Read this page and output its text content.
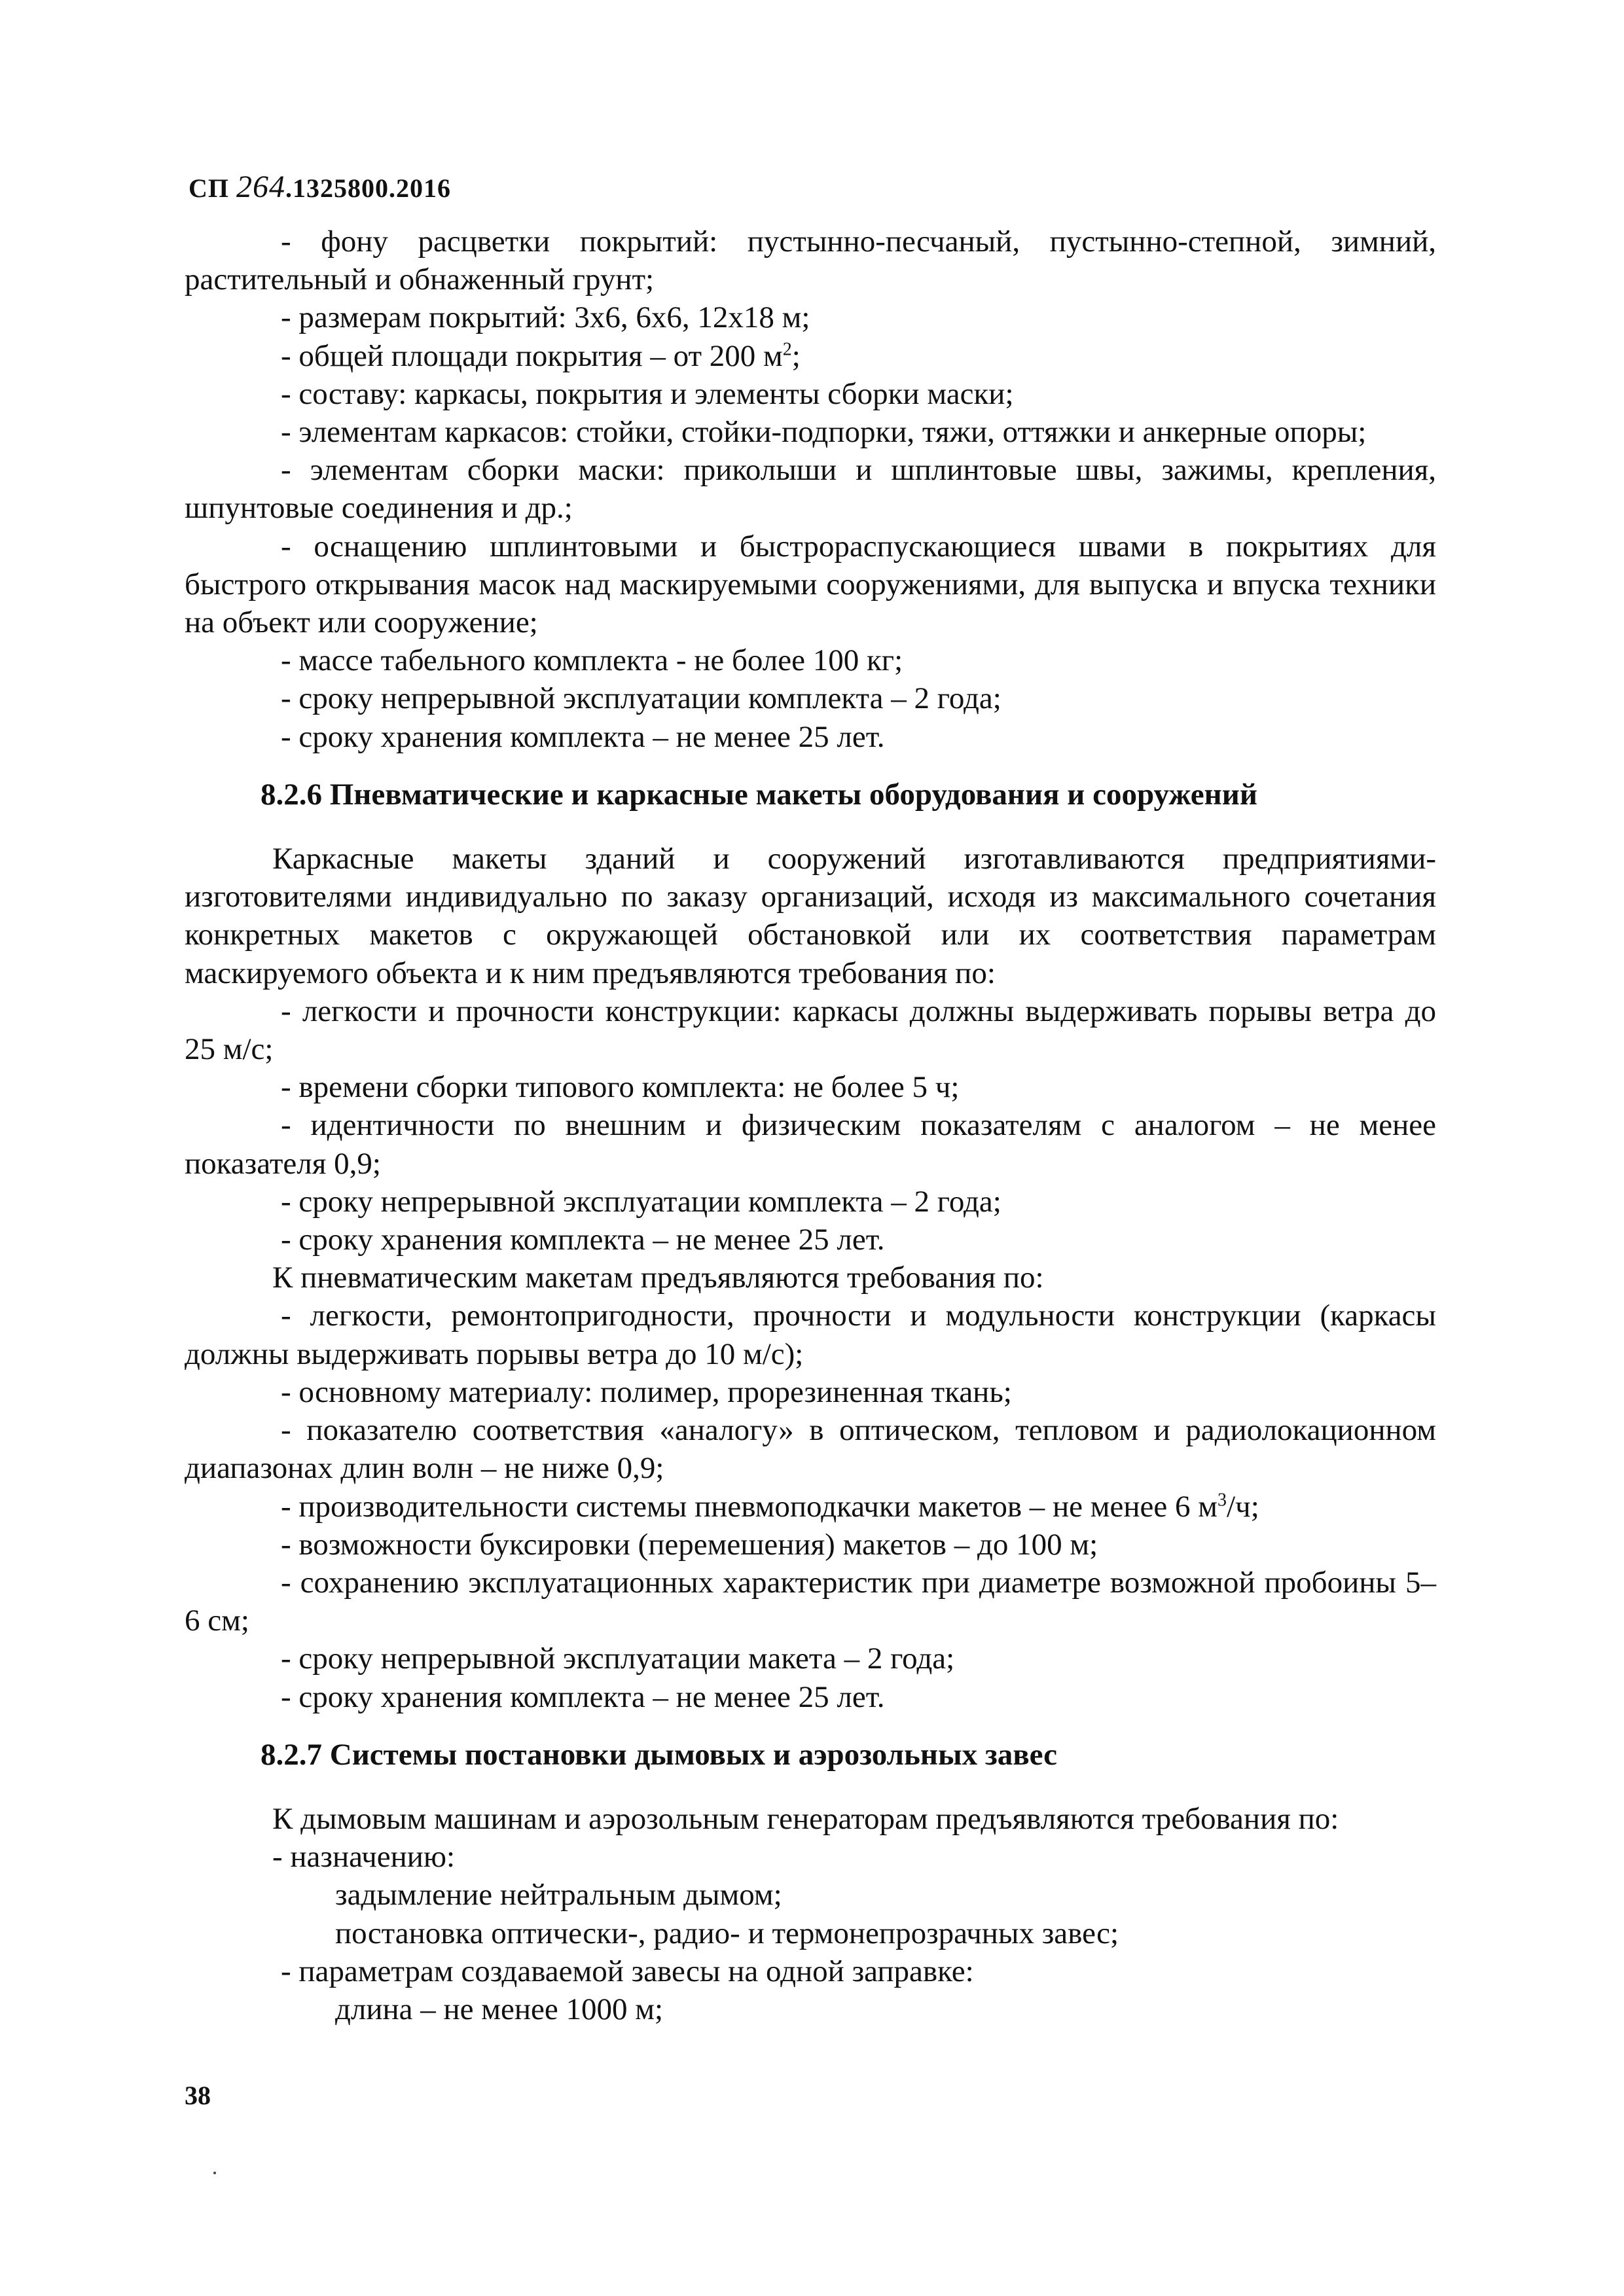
СП 264.1325800.2016

- фону расцветки покрытий: пустынно-песчаный, пустынно-степной, зимний, растительный и обнаженный грунт;

- размерам покрытий: 3х6, 6х6, 12х18 м;

- общей площади покрытия – от 200 $м^2$;

- составу: каркасы, покрытия и элементы сборки маски;

- элементам каркасов: стойки, стойки-подпорки, тяжи, оттяжки и анкерные опоры;

- элементам сборки маски: приколыши и шплинтовые швы, зажимы, крепления, шпунтовые соединения и др.;

- оснащению шплинтовыми и быстрораспускающиеся швами в покрытиях для быстрого открывания масок над маскируемыми сооружениями, для выпуска и впуска техники на объект или сооружение;

- массе табельного комплекта - не более 100 кг;

- сроку непрерывной эксплуатации комплекта – 2 года;

- сроку хранения комплекта – не менее 25 лет.

8.2.6 Пневматические и каркасные макеты оборудования и сооружений

Каркасные макеты зданий и сооружений изготавливаются предприятиями-изготовителями индивидуально по заказу организаций, исходя из максимального сочетания конкретных макетов с окружающей обстановкой или их соответствия параметрам маскируемого объекта и к ним предъявляются требования по:

- легкости и прочности конструкции: каркасы должны выдерживать порывы ветра до 25 м/с;

- времени сборки типового комплекта: не более 5 ч;

- идентичности по внешним и физическим показателям с аналогом – не менее показателя 0,9;

- сроку непрерывной эксплуатации комплекта – 2 года;

- сроку хранения комплекта – не менее 25 лет.

К пневматическим макетам предъявляются требования по:

- легкости, ремонтопригодности, прочности и модульности конструкции (каркасы должны выдерживать порывы ветра до 10 м/с);

- основному материалу: полимер, прорезиненная ткань;

- показателю соответствия «аналогу» в оптическом, тепловом и радиолокационном диапазонах длин волн – не ниже 0,9;

- производительности системы пневмоподкачки макетов – не менее 6 $м^3/ч$;

- возможности буксировки (перемешения) макетов – до 100 м;

- сохранению эксплуатационных характеристик при диаметре возможной пробоины 5–6 см;

- сроку непрерывной эксплуатации макета – 2 года;

- сроку хранения комплекта – не менее 25 лет.

8.2.7 Системы постановки дымовых и аэрозольных завес

К дымовым машинам и аэрозольным генераторам предъявляются требования по:

- назначению:

задымление нейтральным дымом;

постановка оптически-, радио- и термонепрозрачных завес;

- параметрам создаваемой завесы на одной заправке:

длина – не менее 1000 м;

38
